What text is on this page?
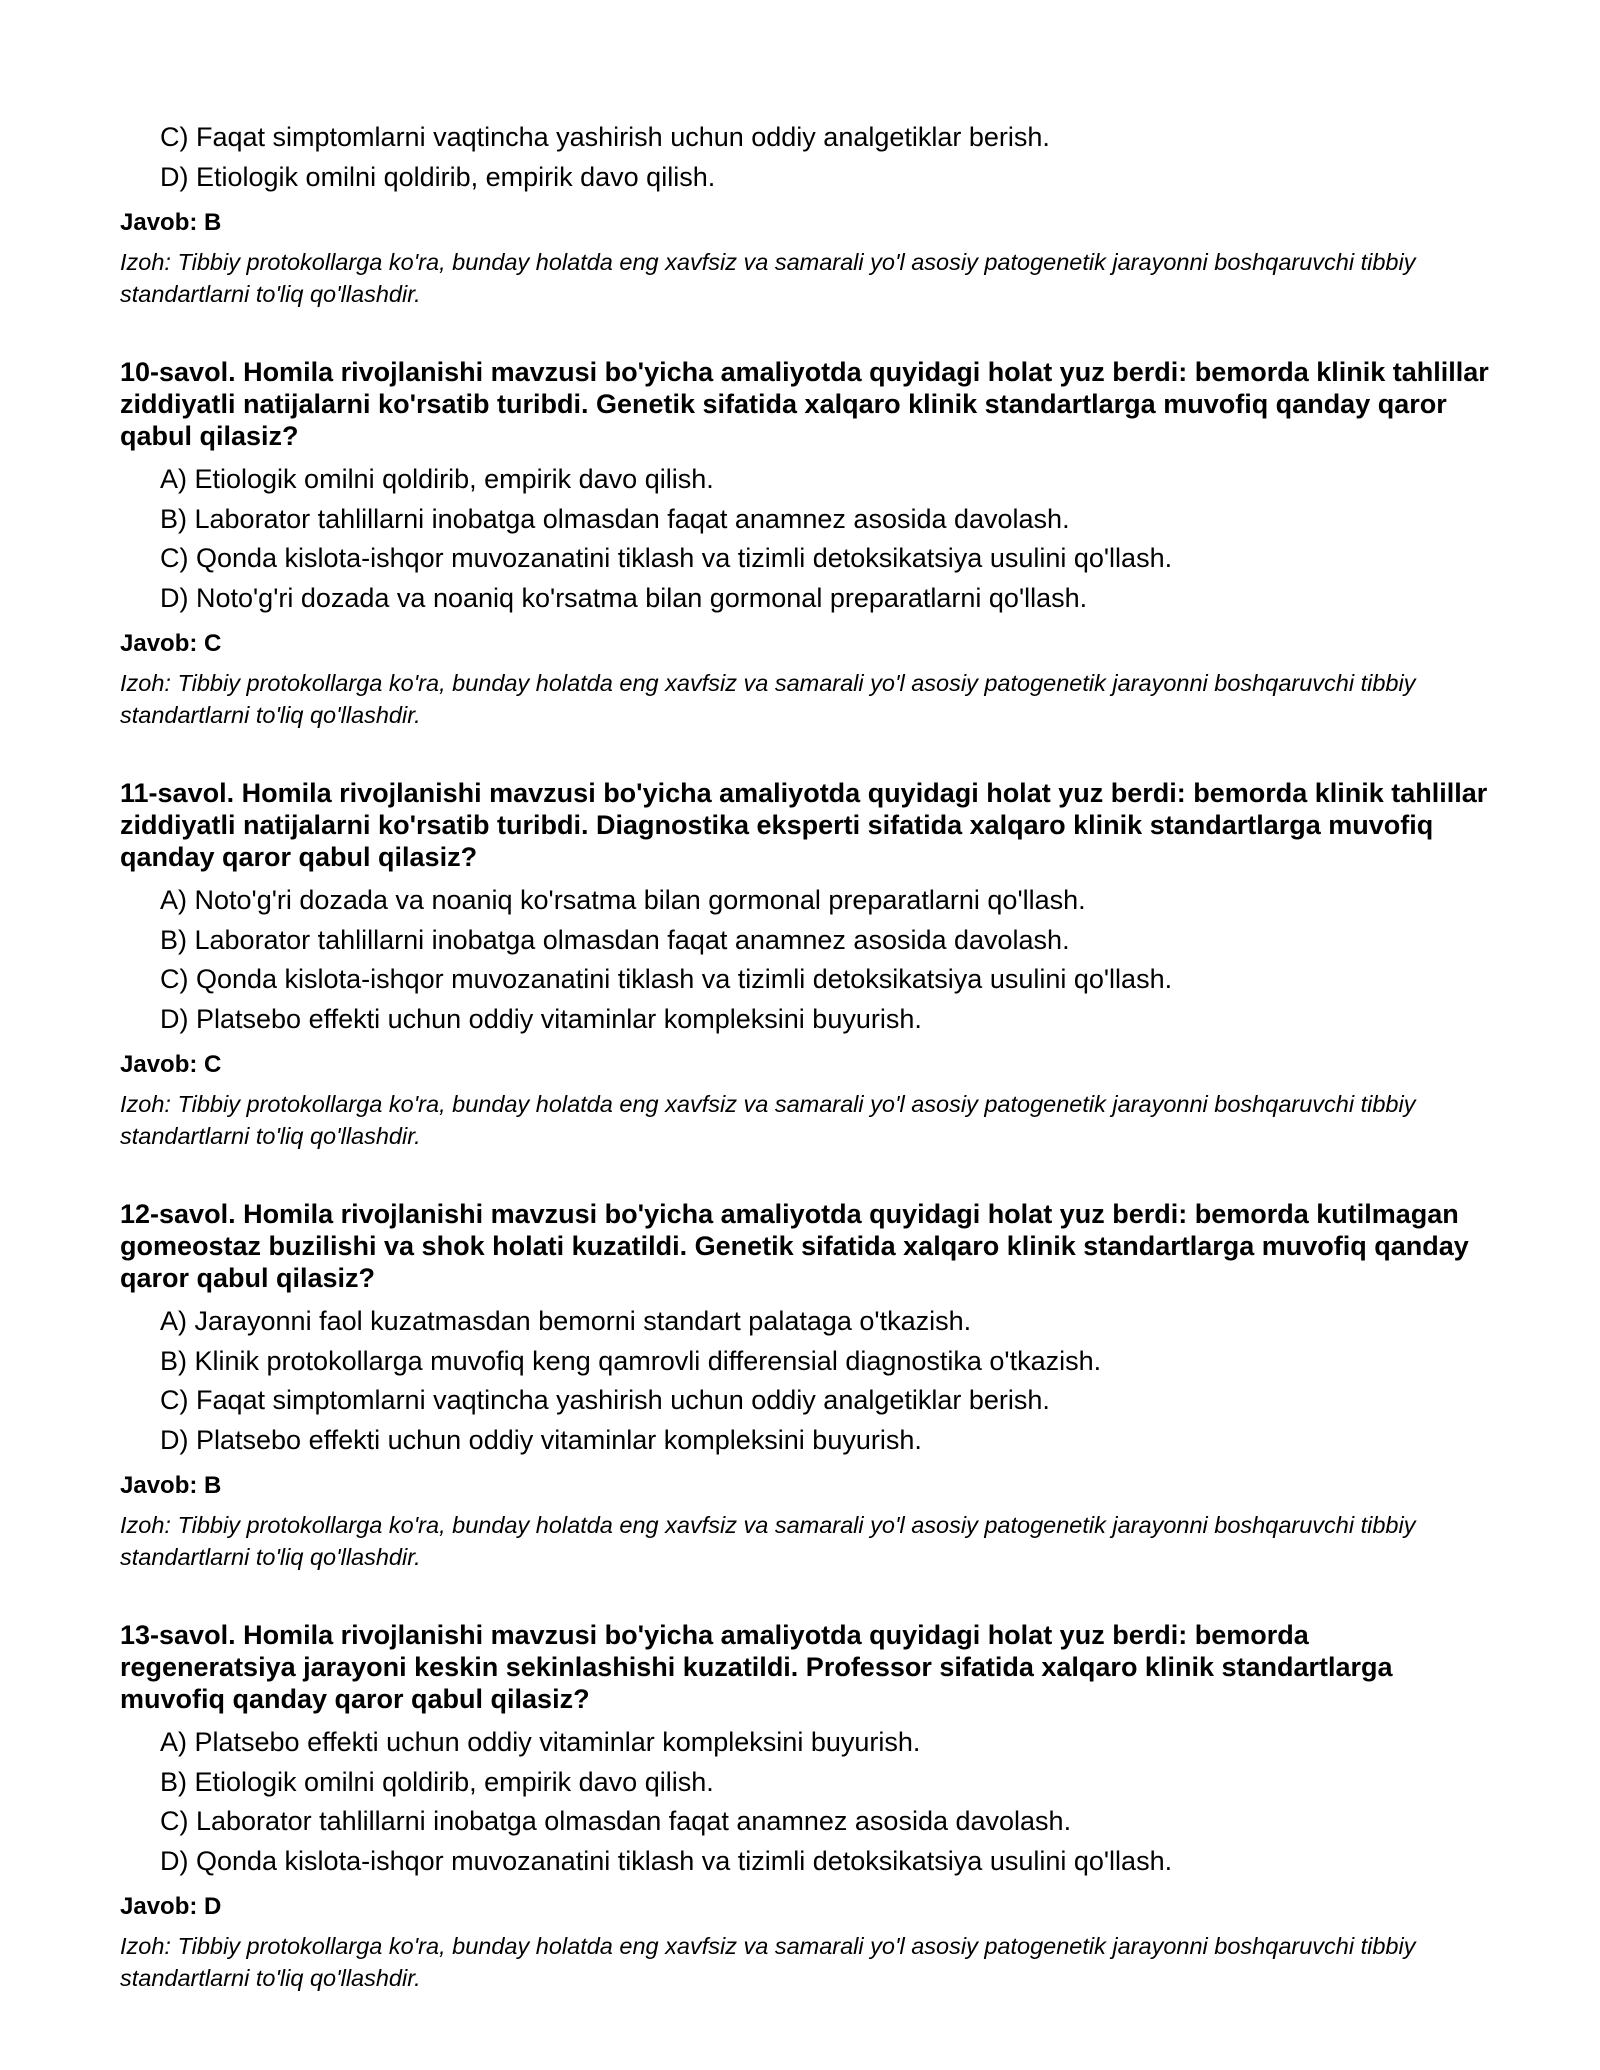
C) Faqat simptomlarni vaqtincha yashirish uchun oddiy analgetiklar berish.
D) Etiologik omilni qoldirib, empirik davo qilish.
Javob: B
Izoh: Tibbiy protokollarga ko'ra, bunday holatda eng xavfsiz va samarali yo'l asosiy patogenetik jarayonni boshqaruvchi tibbiy standartlarni to'liq qo'llashdir.
10-savol. Homila rivojlanishi mavzusi bo'yicha amaliyotda quyidagi holat yuz berdi: bemorda klinik tahlillar ziddiyatli natijalarni ko'rsatib turibdi. Genetik sifatida xalqaro klinik standartlarga muvofiq qanday qaror qabul qilasiz?
A) Etiologik omilni qoldirib, empirik davo qilish.
B) Laborator tahlillarni inobatga olmasdan faqat anamnez asosida davolash.
C) Qonda kislota-ishqor muvozanatini tiklash va tizimli detoksikatsiya usulini qo'llash.
D) Noto'g'ri dozada va noaniq ko'rsatma bilan gormonal preparatlarni qo'llash.
Javob: C
Izoh: Tibbiy protokollarga ko'ra, bunday holatda eng xavfsiz va samarali yo'l asosiy patogenetik jarayonni boshqaruvchi tibbiy standartlarni to'liq qo'llashdir.
11-savol. Homila rivojlanishi mavzusi bo'yicha amaliyotda quyidagi holat yuz berdi: bemorda klinik tahlillar ziddiyatli natijalarni ko'rsatib turibdi. Diagnostika eksperti sifatida xalqaro klinik standartlarga muvofiq qanday qaror qabul qilasiz?
A) Noto'g'ri dozada va noaniq ko'rsatma bilan gormonal preparatlarni qo'llash.
B) Laborator tahlillarni inobatga olmasdan faqat anamnez asosida davolash.
C) Qonda kislota-ishqor muvozanatini tiklash va tizimli detoksikatsiya usulini qo'llash.
D) Platsebo effekti uchun oddiy vitaminlar kompleksini buyurish.
Javob: C
Izoh: Tibbiy protokollarga ko'ra, bunday holatda eng xavfsiz va samarali yo'l asosiy patogenetik jarayonni boshqaruvchi tibbiy standartlarni to'liq qo'llashdir.
12-savol. Homila rivojlanishi mavzusi bo'yicha amaliyotda quyidagi holat yuz berdi: bemorda kutilmagan gomeostaz buzilishi va shok holati kuzatildi. Genetik sifatida xalqaro klinik standartlarga muvofiq qanday qaror qabul qilasiz?
A) Jarayonni faol kuzatmasdan bemorni standart palataga o'tkazish.
B) Klinik protokollarga muvofiq keng qamrovli differensial diagnostika o'tkazish.
C) Faqat simptomlarni vaqtincha yashirish uchun oddiy analgetiklar berish.
D) Platsebo effekti uchun oddiy vitaminlar kompleksini buyurish.
Javob: B
Izoh: Tibbiy protokollarga ko'ra, bunday holatda eng xavfsiz va samarali yo'l asosiy patogenetik jarayonni boshqaruvchi tibbiy standartlarni to'liq qo'llashdir.
13-savol. Homila rivojlanishi mavzusi bo'yicha amaliyotda quyidagi holat yuz berdi: bemorda regeneratsiya jarayoni keskin sekinlashishi kuzatildi. Professor sifatida xalqaro klinik standartlarga muvofiq qanday qaror qabul qilasiz?
A) Platsebo effekti uchun oddiy vitaminlar kompleksini buyurish.
B) Etiologik omilni qoldirib, empirik davo qilish.
C) Laborator tahlillarni inobatga olmasdan faqat anamnez asosida davolash.
D) Qonda kislota-ishqor muvozanatini tiklash va tizimli detoksikatsiya usulini qo'llash.
Javob: D
Izoh: Tibbiy protokollarga ko'ra, bunday holatda eng xavfsiz va samarali yo'l asosiy patogenetik jarayonni boshqaruvchi tibbiy standartlarni to'liq qo'llashdir.
